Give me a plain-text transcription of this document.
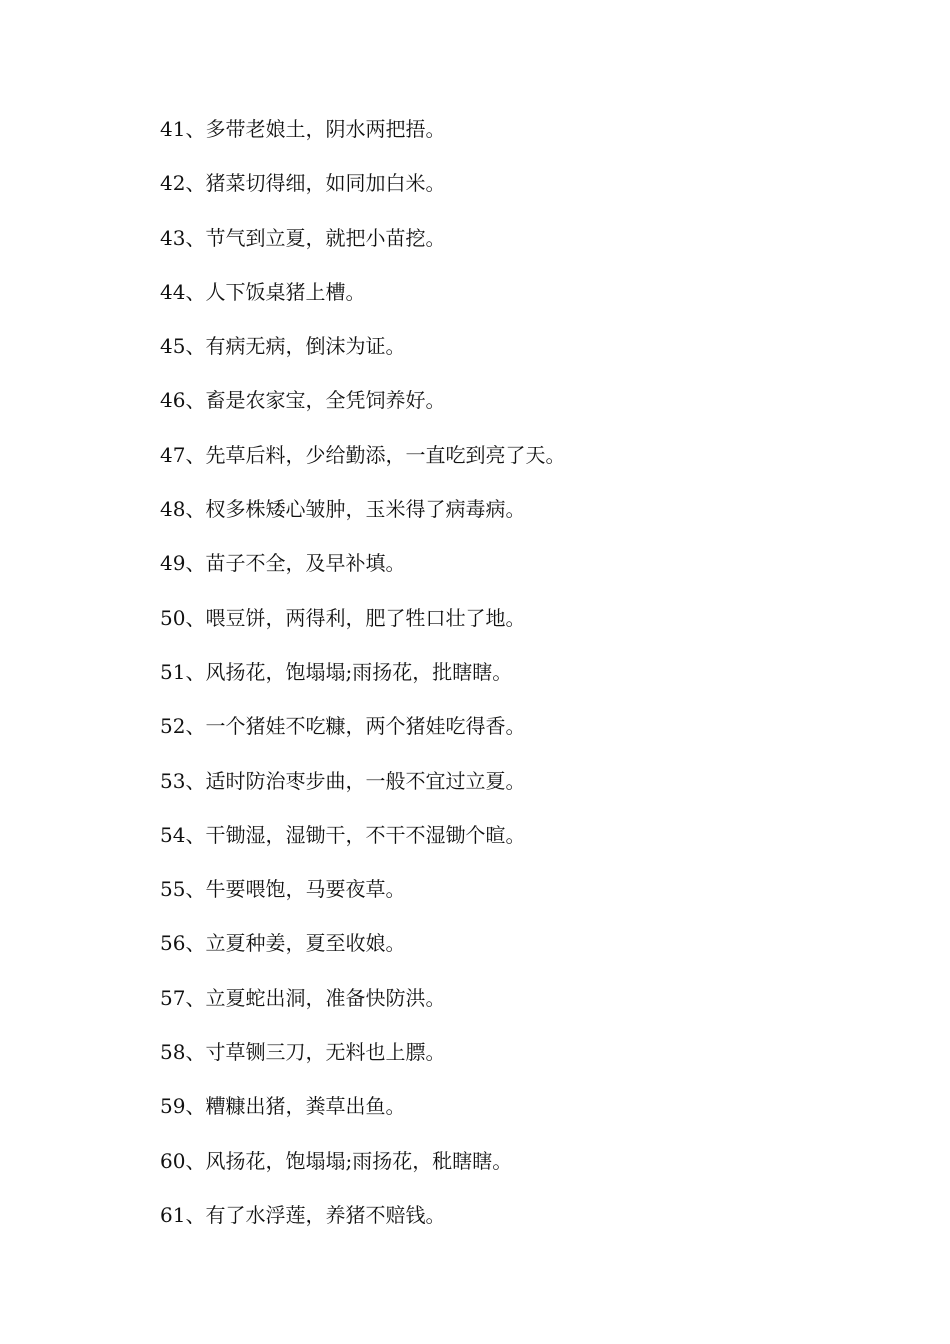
41、多带老娘土，阴水两把捂。
42、猪菜切得细，如同加白米。
43、节气到立夏，就把小苗挖。
44、人下饭桌猪上槽。
45、有病无病，倒沫为证。
46、畜是农家宝，全凭饲养好。
47、先草后料，少给勤添，一直吃到亮了天。
48、杈多株矮心皱肿，玉米得了病毒病。
49、苗子不全，及早补填。
50、喂豆饼，两得利，肥了牲口壮了地。
51、风扬花，饱塌塌;雨扬花，批瞎瞎。
52、一个猪娃不吃糠，两个猪娃吃得香。
53、适时防治枣步曲，一般不宜过立夏。
54、干锄湿，湿锄干，不干不湿锄个暄。
55、牛要喂饱，马要夜草。
56、立夏种姜，夏至收娘。
57、立夏蛇出洞，准备快防洪。
58、寸草铡三刀，无料也上膘。
59、糟糠出猪，粪草出鱼。
60、风扬花，饱塌塌;雨扬花，秕瞎瞎。
61、有了水浮莲，养猪不赔钱。
